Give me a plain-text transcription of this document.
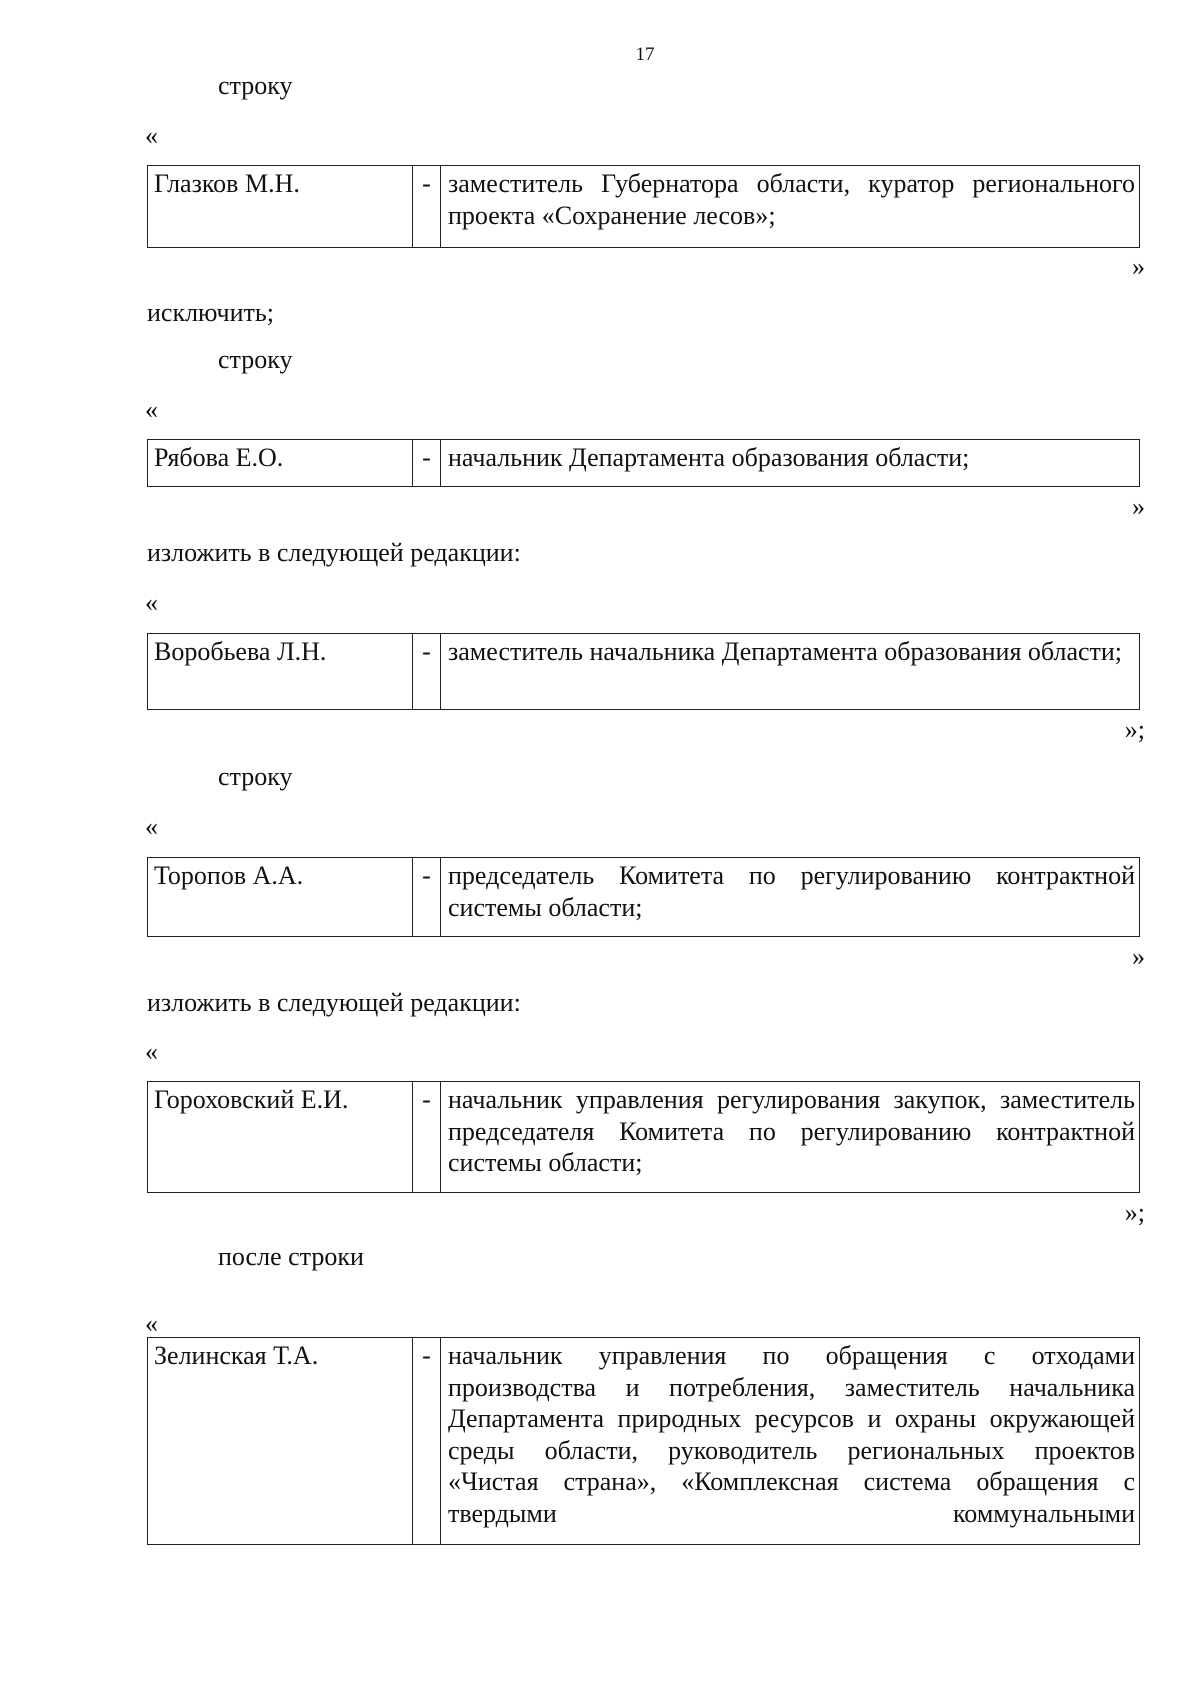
17
строку
«
Глазков М.Н.	- заместитель Губернатора области, куратор регионального проекта «Сохранение лесов»;
»
исключить;
строку
«
Рябова Е.О.	- начальник Департамента образования области;
»
изложить в следующей редакции:
«
Воробьева Л.Н.	- заместитель начальника Департамента образования области;
»;
строку
«
Торопов А.А.	- председатель Комитета по регулированию контрактной системы области;
»
изложить в следующей редакции:
«
Гороховский Е.И.	- начальник управления регулирования закупок, заместитель председателя Комитета по регулированию контрактной системы области;
»;
после строки
«
Зелинская Т.А.	- начальник управления по обращения с отходами производства и потребления, заместитель начальника Департамента природных ресурсов и охраны окружающей среды области, руководитель региональных проектов «Чистая страна», «Комплексная система обращения с твердыми коммунальными
